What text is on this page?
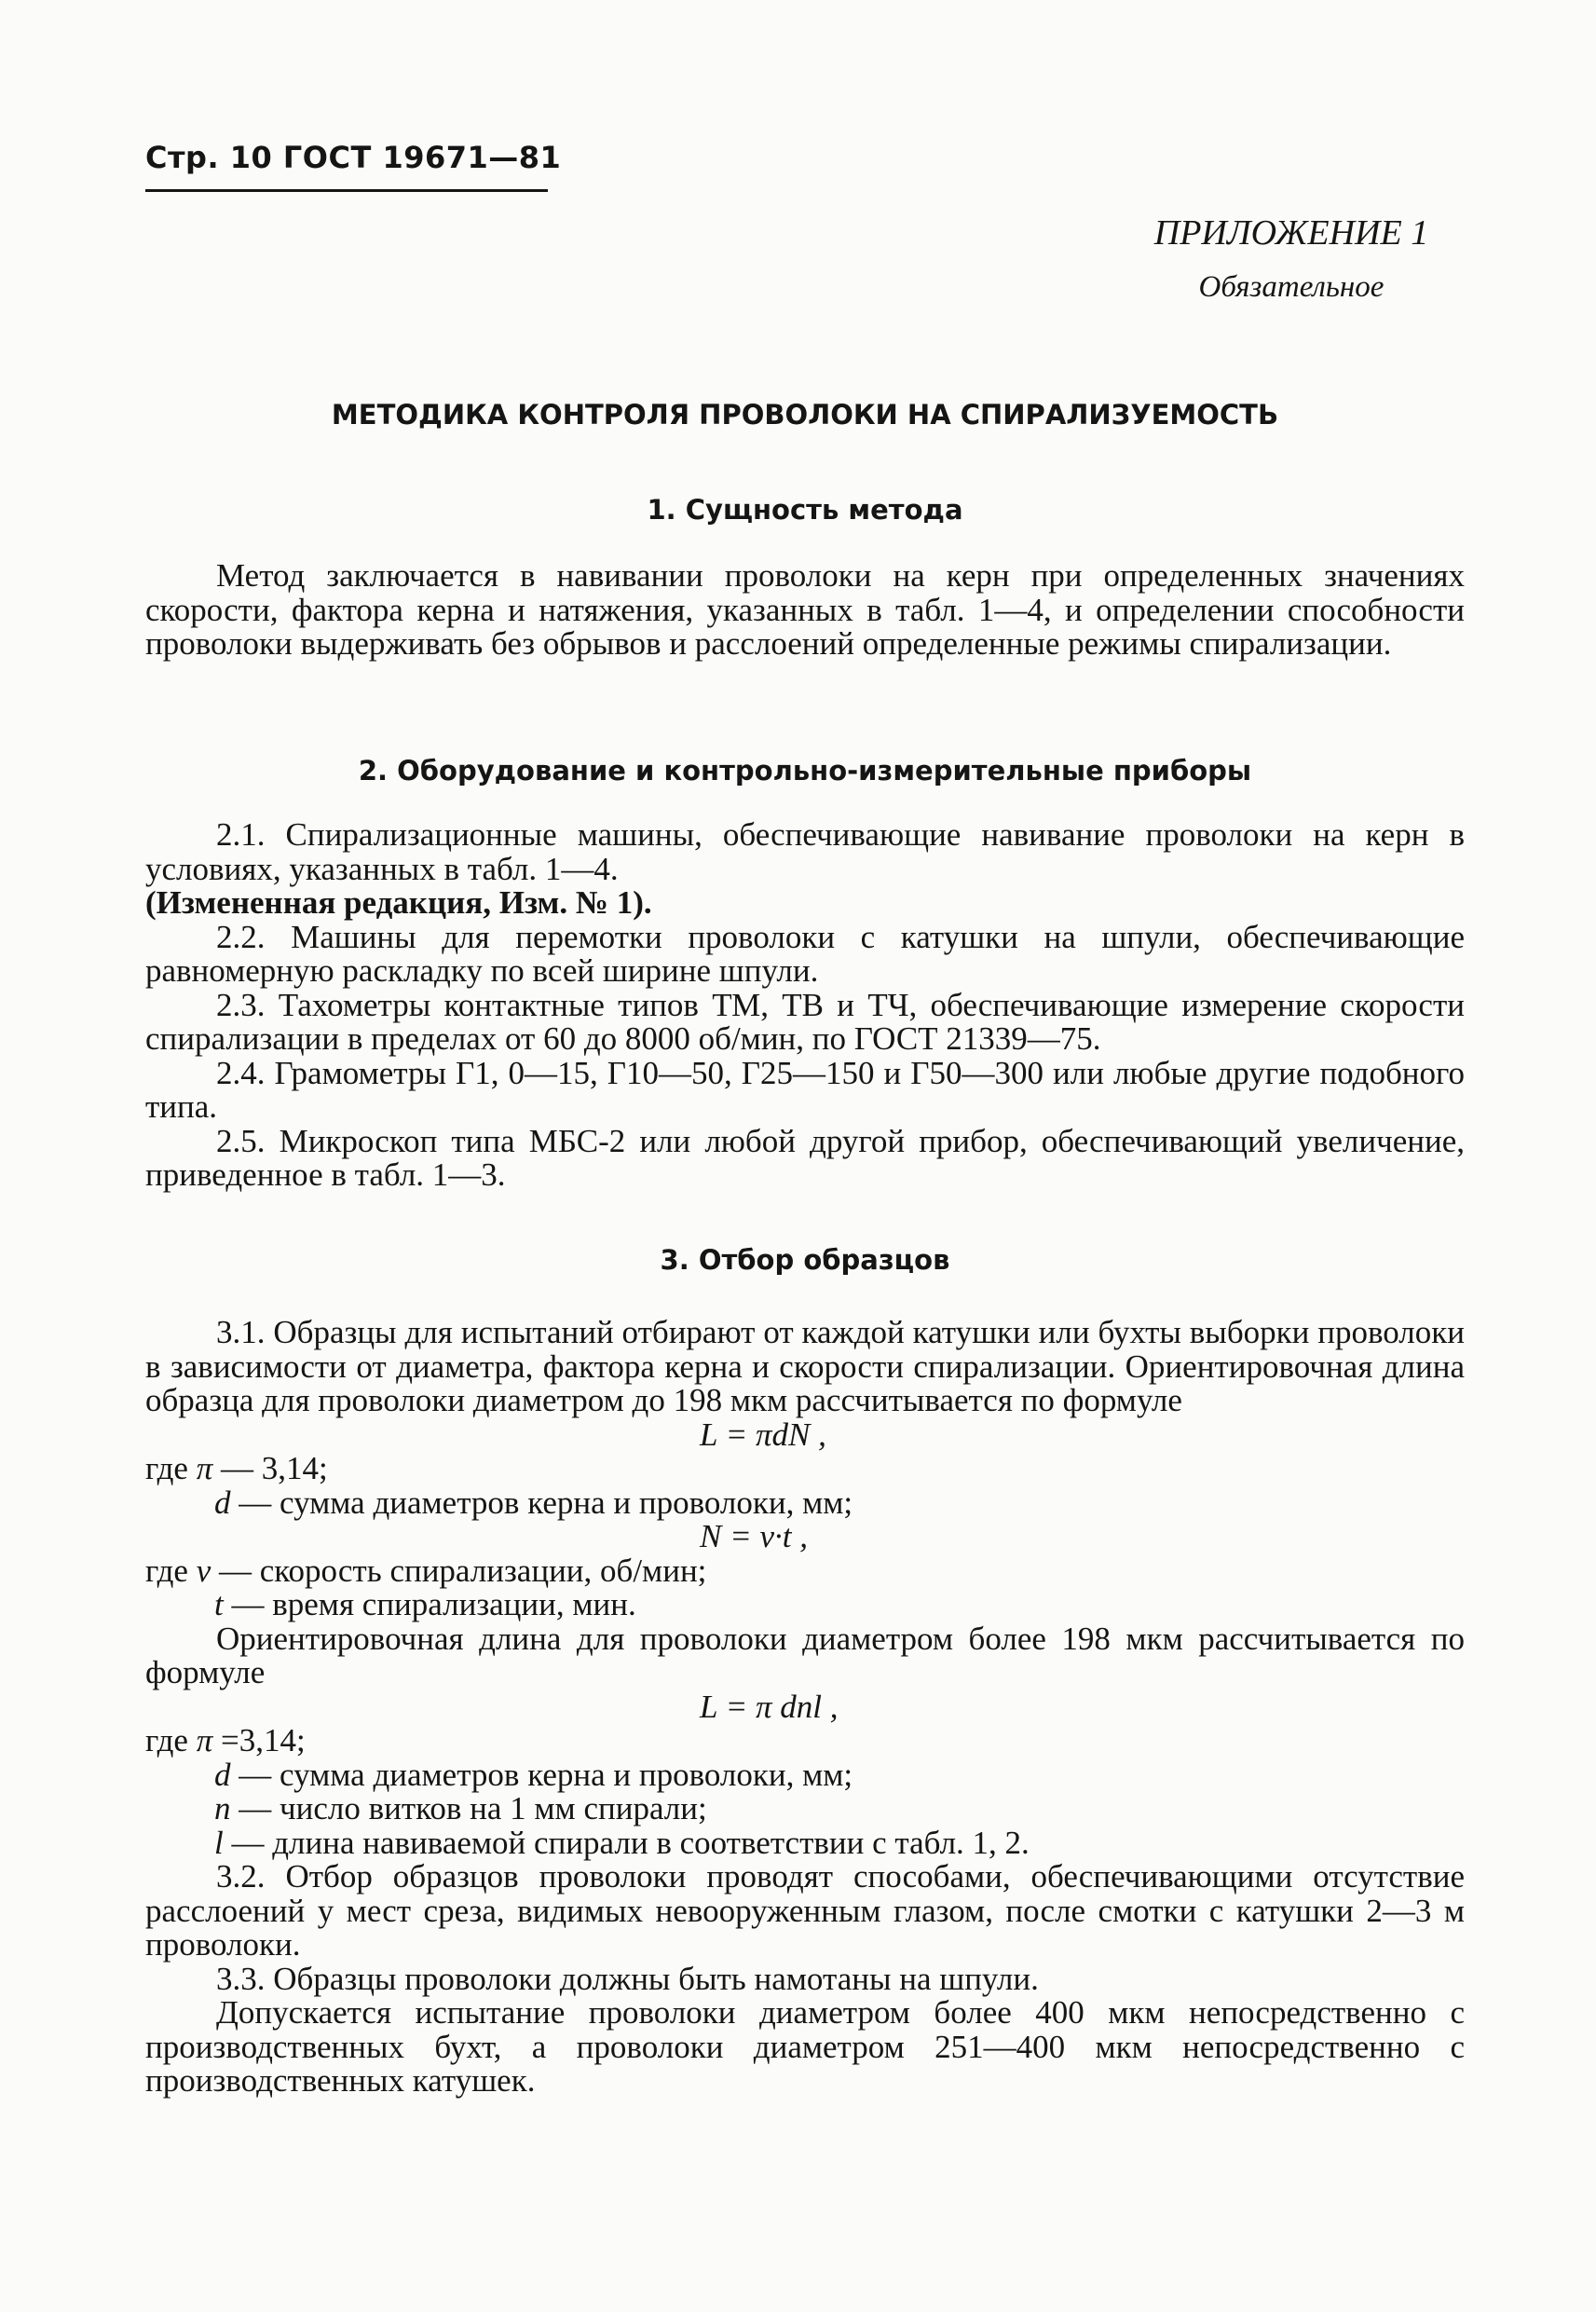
Стр. 10 ГОСТ 19671—81
ПРИЛОЖЕНИЕ 1
Обязательное
МЕТОДИКА КОНТРОЛЯ ПРОВОЛОКИ НА СПИРАЛИЗУЕМОСТЬ
1. Сущность метода

Метод заключается в навивании проволоки на керн при определенных значениях скорости, фактора керна и натяжения, указанных в табл. 1—4, и определении способности проволоки выдерживать без обрывов и расслоений определенные режимы спирализации.

2. Оборудование и контрольно-измерительные приборы

2.1. Спирализационные машины, обеспечивающие навивание проволоки на керн в условиях, указанных в табл. 1—4.

(Измененная редакция, Изм. № 1).

2.2. Машины для перемотки проволоки с катушки на шпули, обеспечивающие равномерную раскладку по всей ширине шпули.

2.3. Тахометры контактные типов ТМ, ТВ и ТЧ, обеспечивающие измерение скорости спирализации в пределах от 60 до 8000 об/мин, по ГОСТ 21339—75.

2.4. Грамометры Г1, 0—15, Г10—50, Г25—150 и Г50—300 или любые другие подобного типа.

2.5. Микроскоп типа МБС-2 или любой другой прибор, обеспечивающий увеличение, приведенное в табл. 1—3.

3. Отбор образцов

3.1. Образцы для испытаний отбирают от каждой катушки или бухты выборки проволоки в зависимости от диаметра, фактора керна и скорости спирализации. Ориентировочная длина образца для проволоки диаметром до 198 мкм рассчитывается по формуле

L = πdN ,

где π — 3,14;

d — сумма диаметров керна и проволоки, мм;

N = v·t ,

где v — скорость спирализации, об/мин;

t — время спирализации, мин.

Ориентировочная длина для проволоки диаметром более 198 мкм рассчитывается по формуле

L = π dnl ,

где π =3,14;

d — сумма диаметров керна и проволоки, мм;

n — число витков на 1 мм спирали;

l — длина навиваемой спирали в соответствии с табл. 1, 2.

3.2. Отбор образцов проволоки проводят способами, обеспечивающими отсутствие расслоений у мест среза, видимых невооруженным глазом, после смотки с катушки 2—3 м проволоки.

3.3. Образцы проволоки должны быть намотаны на шпули.

Допускается испытание проволоки диаметром более 400 мкм непосредственно с производственных бухт, а проволоки диаметром 251—400 мкм непосредственно с производственных катушек.
